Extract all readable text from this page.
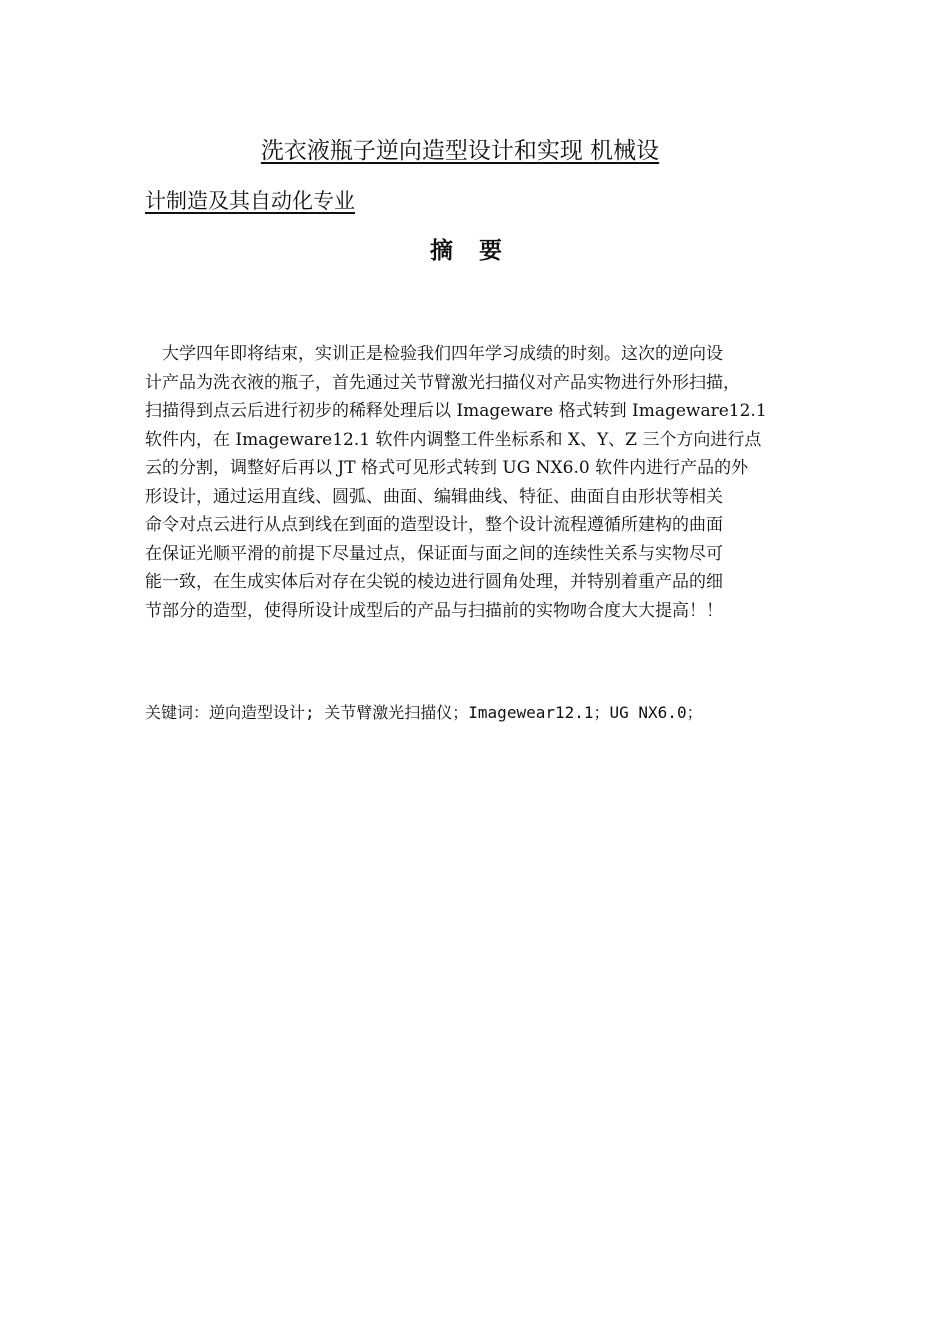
洗衣液瓶子逆向造型设计和实现 机械设
计制造及其自动化专业
摘要
大学四年即将结束，实训正是检验我们四年学习成绩的时刻。这次的逆向设
计产品为洗衣液的瓶子，首先通过关节臂激光扫描仪对产品实物进行外形扫描，
扫描得到点云后进行初步的稀释处理后以 Imageware 格式转到 Imageware12.1
软件内，在 Imageware12.1 软件内调整工件坐标系和 X、Y、Z 三个方向进行点
云的分割，调整好后再以 JT 格式可见形式转到 UG NX6.0 软件内进行产品的外
形设计，通过运用直线、圆弧、曲面、编辑曲线、特征、曲面自由形状等相关
命令对点云进行从点到线在到面的造型设计，整个设计流程遵循所建构的曲面
在保证光顺平滑的前提下尽量过点，保证面与面之间的连续性关系与实物尽可
能一致，在生成实体后对存在尖锐的棱边进行圆角处理，并特别着重产品的细
节部分的造型，使得所设计成型后的产品与扫描前的实物吻合度大大提高！！
关键词：逆向造型设计; 关节臂激光扫描仪；Imagewear12.1；UG NX6.0；
